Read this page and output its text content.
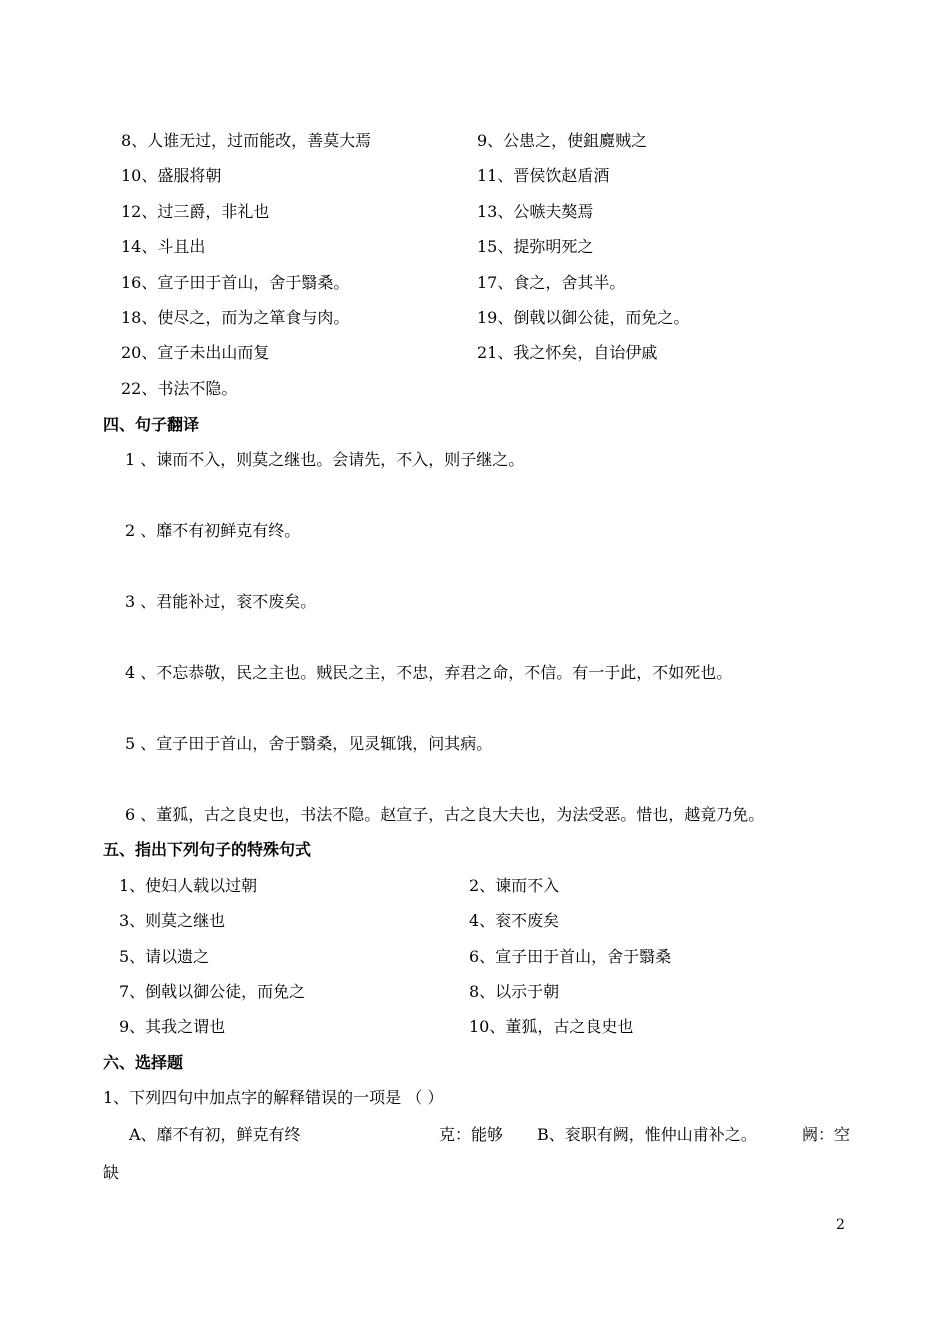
8、人谁无过，过而能改，善莫大焉	9、公患之，使鉏麑贼之
10、盛服将朝	11、晋侯饮赵盾酒
12、过三爵，非礼也	13、公嗾夫獒焉
14、斗且出	15、提弥明死之
16、宣子田于首山，舍于翳桑。	17、食之，舍其半。
18、使尽之，而为之箪食与肉。	19、倒戟以御公徒，而免之。
20、宣子未出山而复	21、我之怀矣，自诒伊戚
22、书法不隐。
四、句子翻译
1 、谏而不入，则莫之继也。会请先，不入，则子继之。
2 、靡不有初鲜克有终。
3 、君能补过，衮不废矣。
4 、不忘恭敬，民之主也。贼民之主，不忠，弃君之命，不信。有一于此，不如死也。
5 、宣子田于首山，舍于翳桑，见灵辄饿，问其病。
6 、董狐，古之良史也，书法不隐。赵宣子，古之良大夫也，为法受恶。惜也，越竟乃免。
五、指出下列句子的特殊句式
1、使妇人载以过朝	2、谏而不入
3、则莫之继也	4、衮不废矣
5、请以遗之	6、宣子田于首山，舍于翳桑
7、倒戟以御公徒，而免之	8、以示于朝
9、其我之谓也	10、董狐，古之良史也
六、选择题
1、下列四句中加点字的解释错误的一项是 （ ）
A、靡不有初，鲜克有终	克：能够 B、衮职有阙，惟仲山甫补之。	阙：空
缺
2
